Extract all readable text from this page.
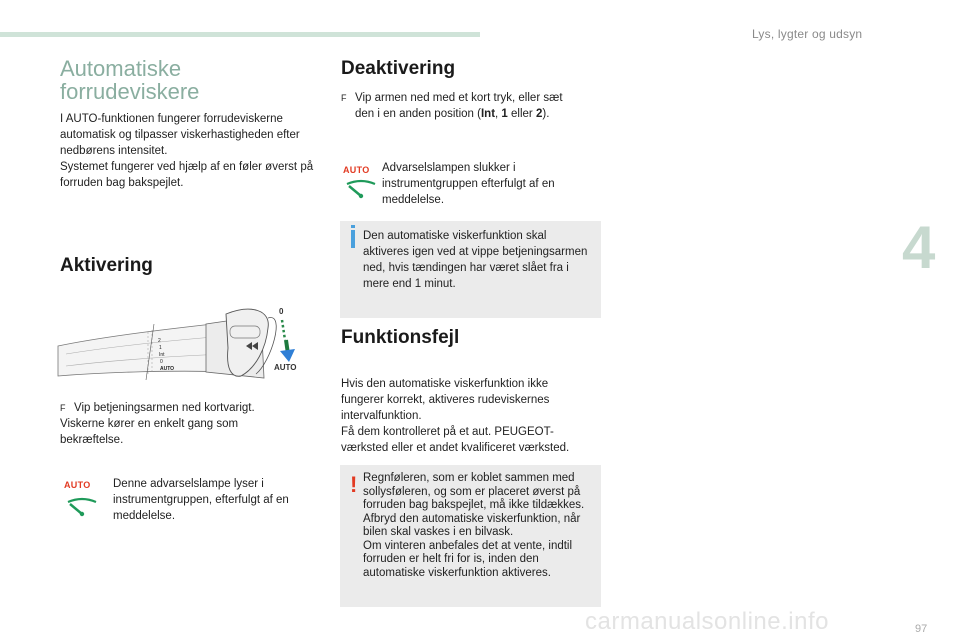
Lys, lygter og udsyn
4
97
Automatiske forrudeviskere

I AUTO-funktionen fungerer forrudeviskerne automatisk og tilpasser viskerhastigheden efter nedbørens intensitet.

Systemet fungerer ved hjælp af en føler øverst på forruden bag bakspejlet.

Aktivering
2
1
Int
0
AUTO
0
AUTO
F Vip betjeningsarmen ned kortvarigt.
Viskerne kører en enkelt gang som bekræftelse.
AUTO Denne advarselslampe lyser i instrumentgruppen, efterfulgt af en meddelelse.
Deaktivering
F Vip armen ned med et kort tryk, eller sæt den i en anden position (Int, 1 eller 2).
AUTO Advarselslampen slukker i instrumentgruppen efterfulgt af en meddelelse.
Den automatiske viskerfunktion skal aktiveres igen ved at vippe betjeningsarmen ned, hvis tændingen har været slået fra i mere end 1 minut.
Funktionsfejl

Hvis den automatiske viskerfunktion ikke fungerer korrekt, aktiveres rudeviskernes intervalfunktion.

Få dem kontrolleret på et aut. PEUGEOT-værksted eller et andet kvalificeret værksted.

! Regnføleren, som er koblet sammen med sollysføleren, og som er placeret øverst på forruden bag bakspejlet, må ikke tildækkes.
Afbryd den automatiske viskerfunktion, når bilen skal vaskes i en bilvask.
Om vinteren anbefales det at vente, indtil forruden er helt fri for is, inden den automatiske viskerfunktion aktiveres.
carmanualsonline.info
